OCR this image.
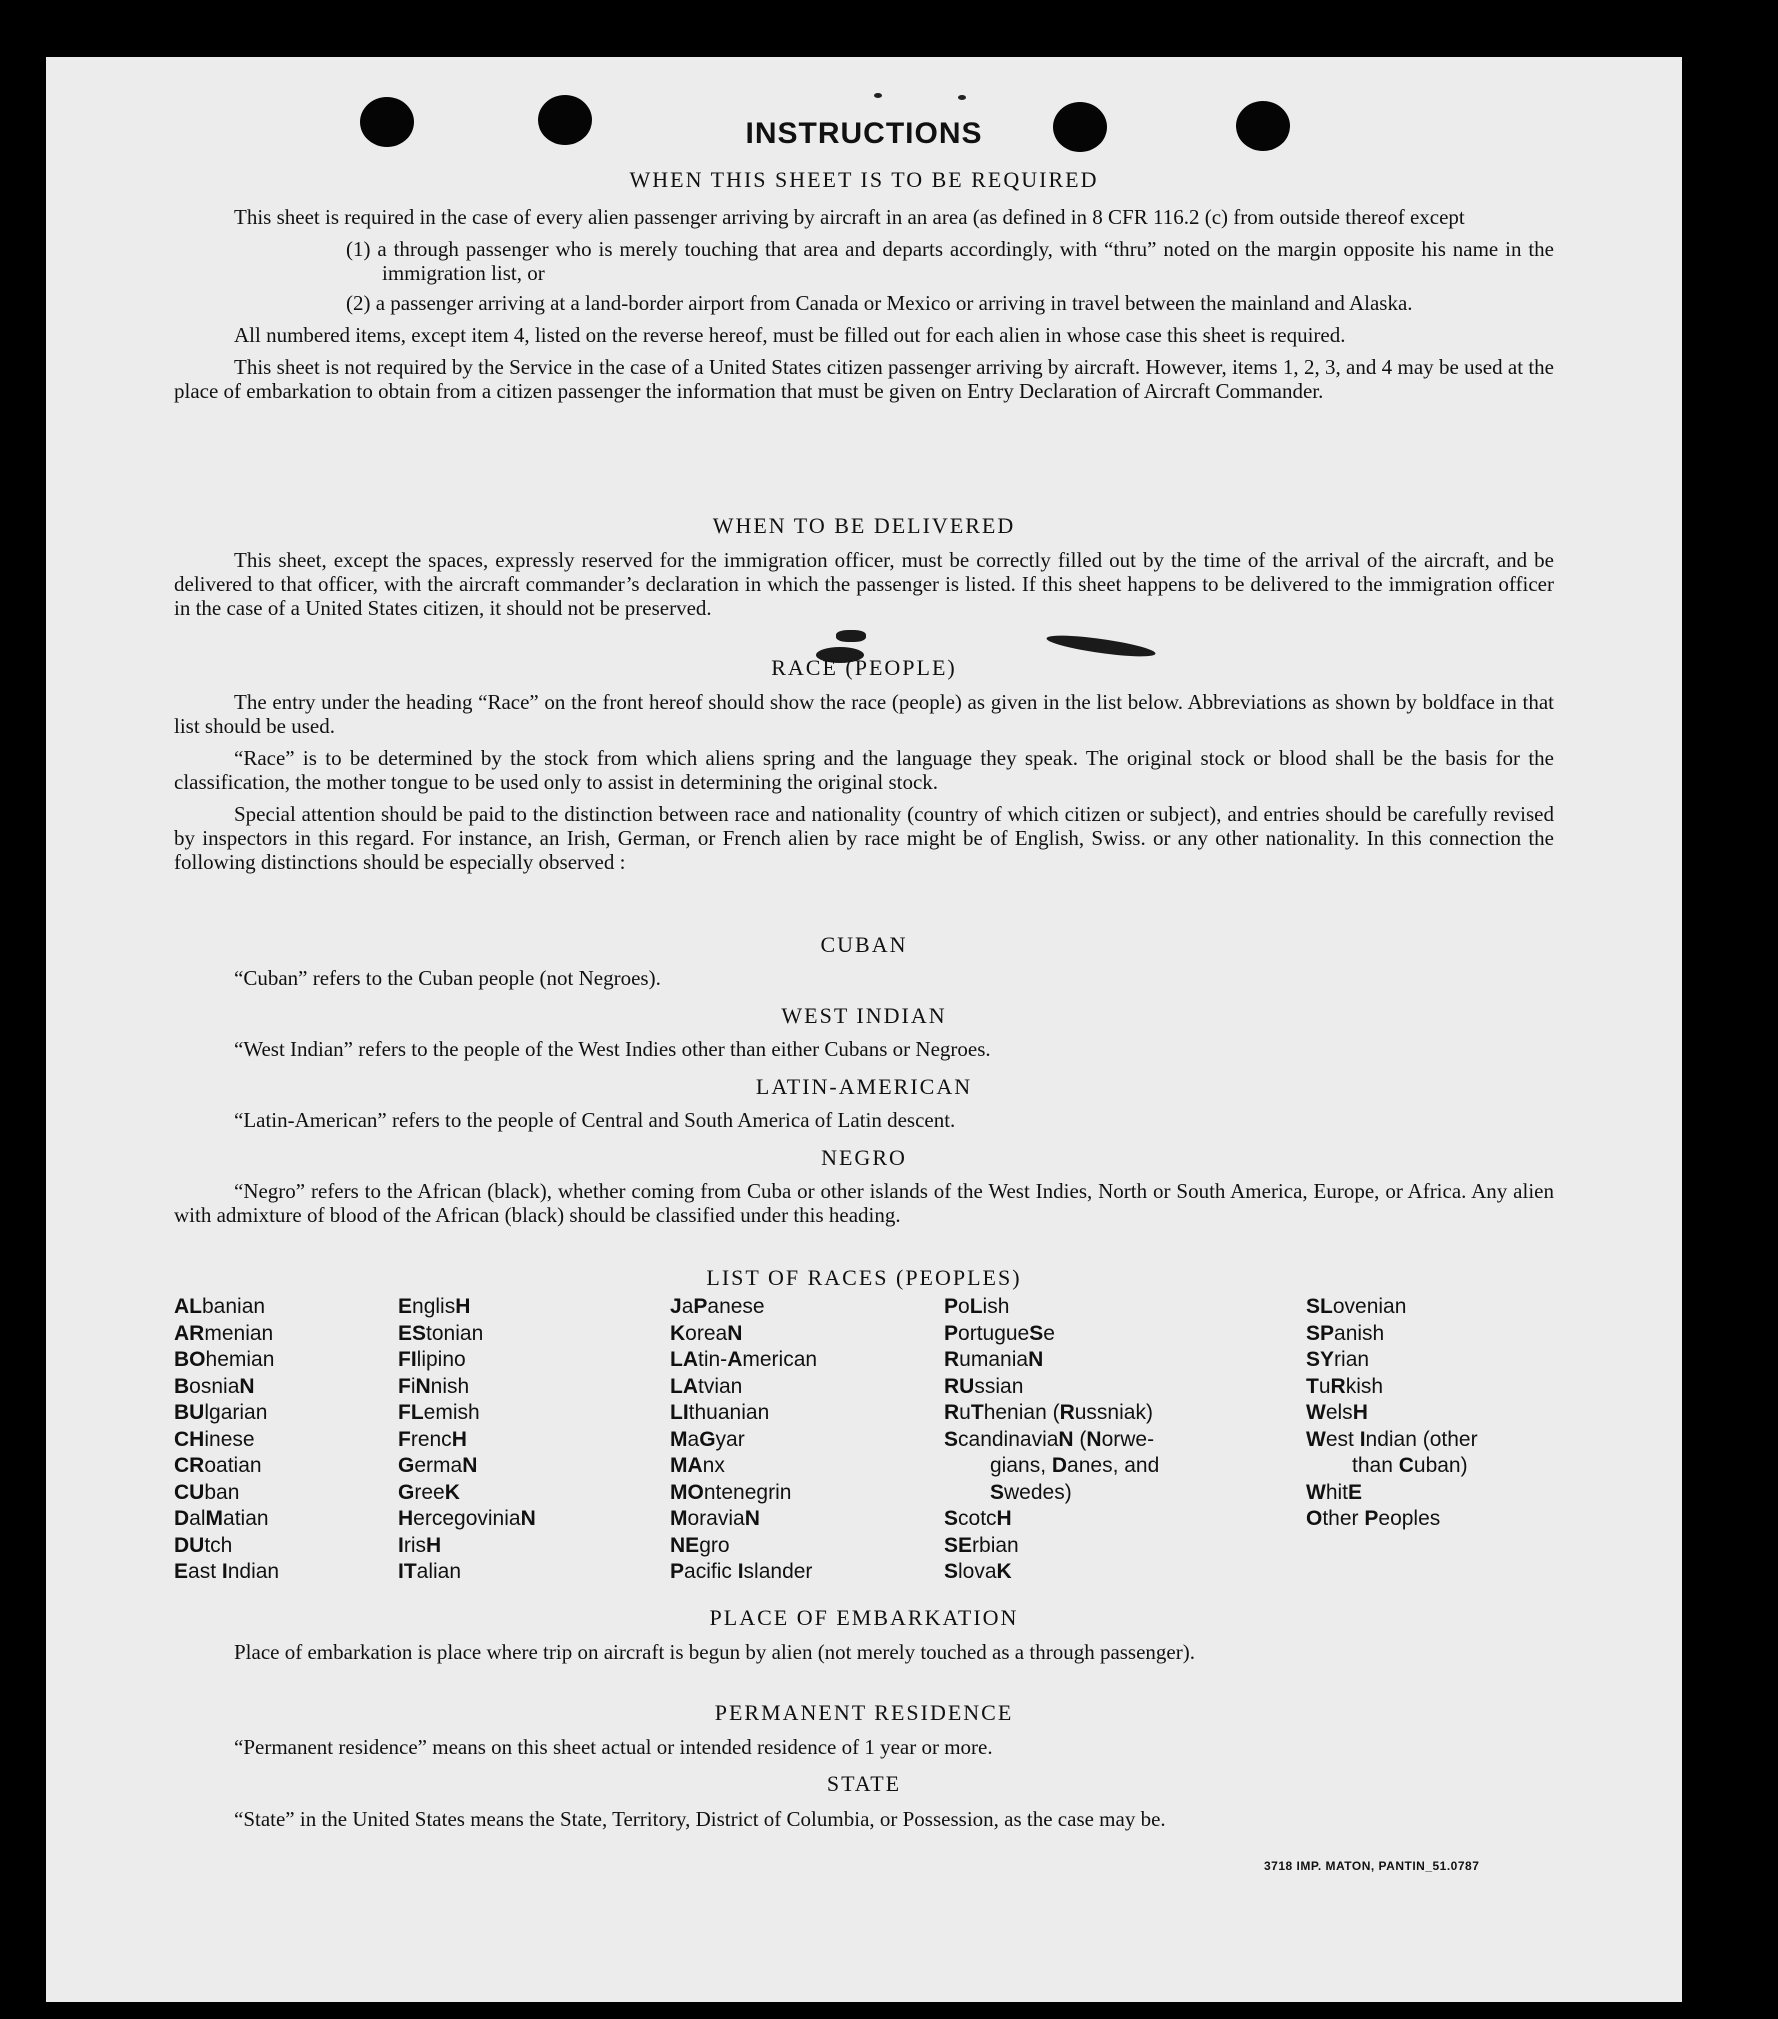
INSTRUCTIONS

WHEN THIS SHEET IS TO BE REQUIRED

This sheet is required in the case of every alien passenger arriving by aircraft in an area (as defined in 8 CFR 116.2 (c) from outside thereof except

(1) a through passenger who is merely touching that area and departs accordingly, with “thru” noted on the margin opposite his name in the immigration list, or

(2) a passenger arriving at a land-border airport from Canada or Mexico or arriving in travel between the mainland and Alaska.

All numbered items, except item 4, listed on the reverse hereof, must be filled out for each alien in whose case this sheet is required.

This sheet is not required by the Service in the case of a United States citizen passenger arriving by aircraft. However, items 1, 2, 3, and 4 may be used at the place of embarkation to obtain from a citizen passenger the information that must be given on Entry Declaration of Aircraft Commander.

WHEN TO BE DELIVERED

This sheet, except the spaces, expressly reserved for the immigration officer, must be correctly filled out by the time of the arrival of the aircraft, and be delivered to that officer, with the aircraft commander’s declaration in which the passenger is listed. If this sheet happens to be delivered to the immigration officer in the case of a United States citizen, it should not be preserved.

RACE (PEOPLE)

The entry under the heading “Race” on the front hereof should show the race (people) as given in the list below. Abbreviations as shown by boldface in that list should be used.

“Race” is to be determined by the stock from which aliens spring and the language they speak. The original stock or blood shall be the basis for the classification, the mother tongue to be used only to assist in determining the original stock.

Special attention should be paid to the distinction between race and nationality (country of which citizen or subject), and entries should be carefully revised by inspectors in this regard. For instance, an Irish, German, or French alien by race might be of English, Swiss. or any other nationality. In this connection the following distinctions should be especially observed :

CUBAN

“Cuban” refers to the Cuban people (not Negroes).

WEST INDIAN

“West Indian” refers to the people of the West Indies other than either Cubans or Negroes.

LATIN-AMERICAN

“Latin-American” refers to the people of Central and South America of Latin descent.

NEGRO

“Negro” refers to the African (black), whether coming from Cuba or other islands of the West Indies, North or South America, Europe, or Africa. Any alien with admixture of blood of the African (black) should be classified under this heading.

LIST OF RACES (PEOPLES)

ALbanian
ARmenian
BOhemian
BosniaN
BUlgarian
CHinese
CRoatian
CUban
DalMatian
DUtch
East Indian
EnglisH
EStonian
FIlipino
FiNnish
FLemish
FrencH
GermaN
GreeK
HercegoviniaN
IrisH
ITalian
JaPanese
KoreaN
LAtin-American
LAtvian
LIthuanian
MaGyar
MAnx
MOntenegrin
MoraviaN
NEgro
Pacific Islander
PoLish
PortugueSe
RumaniaN
RUssian
RuThenian (Russniak)
ScandinaviaN (Norwe-
gians, Danes, and
Swedes)
ScotcH
SErbian
SlovaK
SLovenian
SPanish
SYrian
TuRkish
WelsH
West Indian (other
than Cuban)
WhitE
Other Peoples

PLACE OF EMBARKATION

Place of embarkation is place where trip on aircraft is begun by alien (not merely touched as a through passenger).

PERMANENT RESIDENCE

“Permanent residence” means on this sheet actual or intended residence of 1 year or more.

STATE

“State” in the United States means the State, Territory, District of Columbia, or Possession, as the case may be.

3718 IMP. MATON, PANTIN_51.0787
